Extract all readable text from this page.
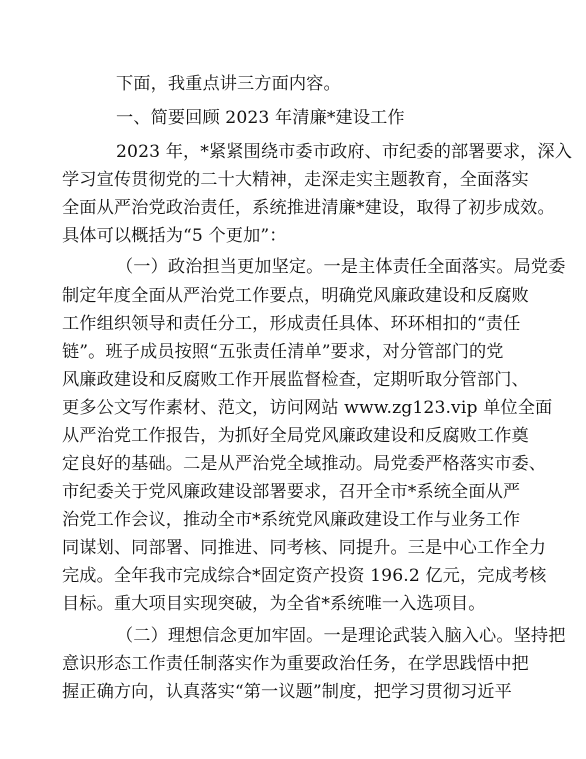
下面，我重点讲三方面内容。
一、简要回顾 2023 年清廉*建设工作
2023 年，*紧紧围绕市委市政府、市纪委的部署要求，深入
学习宣传贯彻党的二十大精神，走深走实主题教育，全面落实
全面从严治党政治责任，系统推进清廉*建设，取得了初步成效。
具体可以概括为“5 个更加”：
（一）政治担当更加坚定。一是主体责任全面落实。局党委
制定年度全面从严治党工作要点，明确党风廉政建设和反腐败
工作组织领导和责任分工，形成责任具体、环环相扣的“责任
链”。班子成员按照“五张责任清单”要求，对分管部门的党
风廉政建设和反腐败工作开展监督检查，定期听取分管部门、
更多公文写作素材、范文，访问网站 www.zg123.vip 单位全面
从严治党工作报告，为抓好全局党风廉政建设和反腐败工作奠
定良好的基础。二是从严治党全域推动。局党委严格落实市委、
市纪委关于党风廉政建设部署要求，召开全市*系统全面从严
治党工作会议，推动全市*系统党风廉政建设工作与业务工作
同谋划、同部署、同推进、同考核、同提升。三是中心工作全力
完成。全年我市完成综合*固定资产投资 196.2 亿元，完成考核
目标。重大项目实现突破，为全省*系统唯一入选项目。
（二）理想信念更加牢固。一是理论武装入脑入心。坚持把
意识形态工作责任制落实作为重要政治任务，在学思践悟中把
握正确方向，认真落实“第一议题”制度，把学习贯彻习近平
